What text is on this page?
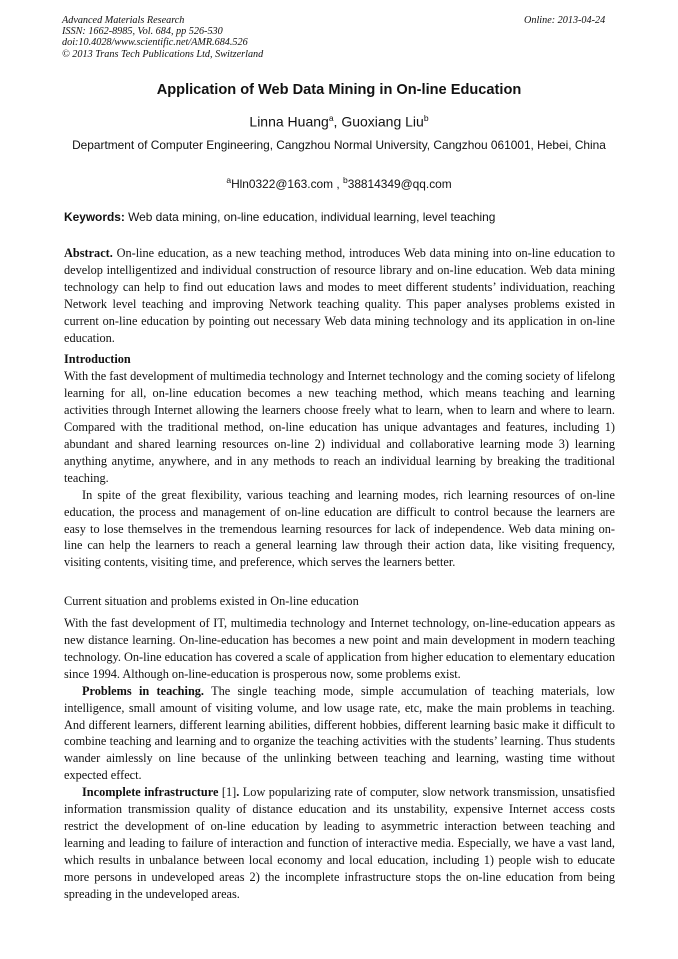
Advanced Materials Research
ISSN: 1662-8985, Vol. 684, pp 526-530
doi:10.4028/www.scientific.net/AMR.684.526
© 2013 Trans Tech Publications Ltd, Switzerland
Online: 2013-04-24
Application of Web Data Mining in On-line Education
Linna Huang$^a$, Guoxiang Liu$^b$
Department of Computer Engineering, Cangzhou Normal University, Cangzhou 061001, Hebei, China
$^a$Hln0322@163.com , $^b$38814349@qq.com
Keywords: Web data mining, on-line education, individual learning, level teaching

Abstract. On-line education, as a new teaching method, introduces Web data mining into on-line education to develop intelligentized and individual construction of resource library and on-line education. Web data mining technology can help to find out education laws and modes to meet different students’ individuation, reaching Network level teaching and improving Network teaching quality. This paper analyses problems existed in current on-line education by pointing out necessary Web data mining technology and its application in on-line education.

Introduction

With the fast development of multimedia technology and Internet technology and the coming society of lifelong learning for all, on-line education becomes a new teaching method, which means teaching and learning activities through Internet allowing the learners choose freely what to learn, when to learn and where to learn. Compared with the traditional method, on-line education has unique advantages and features, including 1) abundant and shared learning resources on-line 2) individual and collaborative learning mode 3) learning anything anytime, anywhere, and in any methods to reach an individual learning by breaking the traditional teaching.

In spite of the great flexibility, various teaching and learning modes, rich learning resources of on-line education, the process and management of on-line education are difficult to control because the learners are easy to lose themselves in the tremendous learning resources for lack of independence. Web data mining on-line can help the learners to reach a general learning law through their action data, like visiting frequency, visiting contents, visiting time, and preference, which serves the learners better.

Current situation and problems existed in On-line education

With the fast development of IT, multimedia technology and Internet technology, on-line-education appears as new distance learning. On-line-education has becomes a new point and main development in modern teaching technology. On-line education has covered a scale of application from higher education to elementary education since 1994. Although on-line-education is prosperous now, some problems exist.

Problems in teaching. The single teaching mode, simple accumulation of teaching materials, low intelligence, small amount of visiting volume, and low usage rate, etc, make the main problems in teaching. And different learners, different learning abilities, different hobbies, different learning basic make it difficult to combine teaching and learning and to organize the teaching activities with the students’ learning. Thus students wander aimlessly on line because of the unlinking between teaching and learning, wasting time without expected effect.

Incomplete infrastructure [1]. Low popularizing rate of computer, slow network transmission, unsatisfied information transmission quality of distance education and its unstability, expensive Internet access costs restrict the development of on-line education by leading to asymmetric interaction between teaching and learning and leading to failure of interaction and function of interactive media. Especially, we have a vast land, which results in unbalance between local economy and local education, including 1) people wish to educate more persons in undeveloped areas 2) the incomplete infrastructure stops the on-line education from being spreading in the undeveloped areas.
